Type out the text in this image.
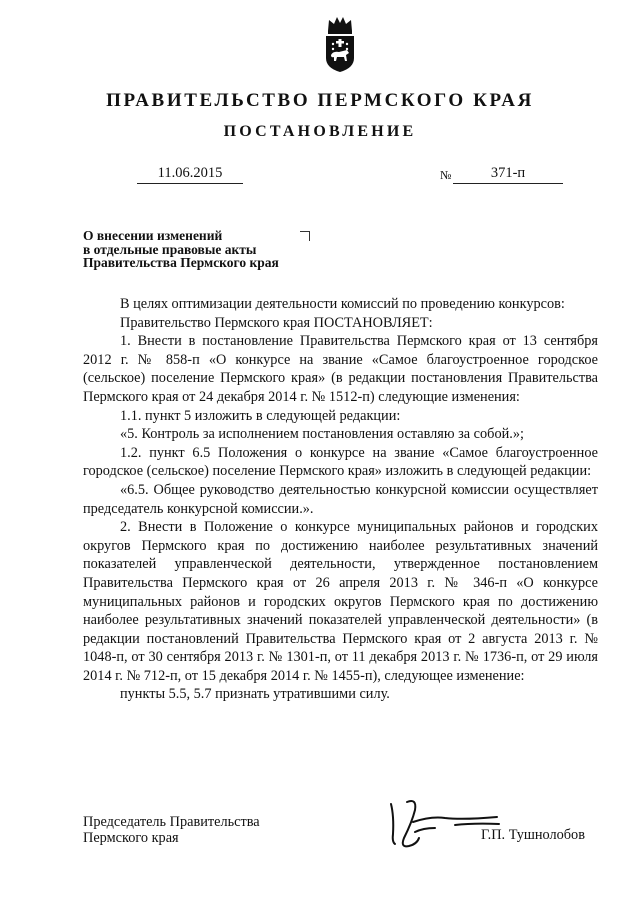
ПРАВИТЕЛЬСТВО ПЕРМСКОГО КРАЯ
ПОСТАНОВЛЕНИЕ
11.06.2015	№	371-п
О внесении изменений
в отдельные правовые акты
Правительства Пермского края

В целях оптимизации деятельности комиссий по проведению конкурсов:

Правительство Пермского края ПОСТАНОВЛЯЕТ:

1. Внести в постановление Правительства Пермского края от 13 сентября 2012 г. № 858-п «О конкурсе на звание «Самое благоустроенное городское (сельское) поселение Пермского края» (в редакции постановления Правительства Пермского края от 24 декабря 2014 г. № 1512-п) следующие изменения:

1.1. пункт 5 изложить в следующей редакции:

«5. Контроль за исполнением постановления оставляю за собой.»;

1.2. пункт 6.5 Положения о конкурсе на звание «Самое благоустроенное городское (сельское) поселение Пермского края» изложить в следующей редакции:

«6.5. Общее руководство деятельностью конкурсной комиссии осуществляет председатель конкурсной комиссии.».

2. Внести в Положение о конкурсе муниципальных районов и городских округов Пермского края по достижению наиболее результативных значений показателей управленческой деятельности, утвержденное постановлением Правительства Пермского края от 26 апреля 2013 г. № 346-п «О конкурсе муниципальных районов и городских округов Пермского края по достижению наиболее результативных значений показателей управленческой деятельности» (в редакции постановлений Правительства Пермского края от 2 августа 2013 г. № 1048-п, от 30 сентября 2013 г. № 1301-п, от 11 декабря 2013 г. № 1736-п, от 29 июля 2014 г. № 712-п, от 15 декабря 2014 г. № 1455-п), следующее изменение:

пункты 5.5, 5.7 признать утратившими силу.

Председатель Правительства
Пермского края	Г.П. Тушнолобов
